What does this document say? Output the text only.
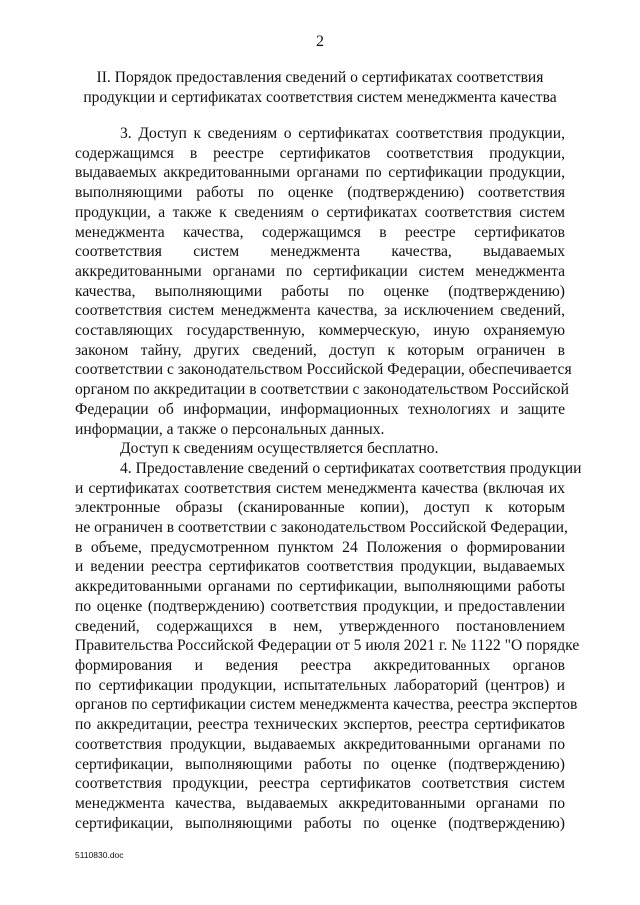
2
II. Порядок предоставления сведений о сертификатах соответствия
продукции и сертификатах соответствия систем менеджмента качества
3. Доступ к сведениям о сертификатах соответствия продукции,
содержащимся в реестре сертификатов соответствия продукции,
выдаваемых аккредитованными органами по сертификации продукции,
выполняющими работы по оценке (подтверждению) соответствия
продукции, а также к сведениям о сертификатах соответствия систем
менеджмента качества, содержащимся в реестре сертификатов
соответствия систем менеджмента качества, выдаваемых
аккредитованными органами по сертификации систем менеджмента
качества, выполняющими работы по оценке (подтверждению)
соответствия систем менеджмента качества, за исключением сведений,
составляющих государственную, коммерческую, иную охраняемую
законом тайну, других сведений, доступ к которым ограничен в
соответствии с законодательством Российской Федерации, обеспечивается
органом по аккредитации в соответствии с законодательством Российской
Федерации об информации, информационных технологиях и защите
информации, а также о персональных данных.
Доступ к сведениям осуществляется бесплатно.
4. Предоставление сведений о сертификатах соответствия продукции
и сертификатах соответствия систем менеджмента качества (включая их
электронные образы (сканированные копии), доступ к которым
не ограничен в соответствии с законодательством Российской Федерации,
в объеме, предусмотренном пунктом 24 Положения о формировании
и ведении реестра сертификатов соответствия продукции, выдаваемых
аккредитованными органами по сертификации, выполняющими работы
по оценке (подтверждению) соответствия продукции, и предоставлении
сведений, содержащихся в нем, утвержденного постановлением
Правительства Российской Федерации от 5 июля 2021 г. № 1122 "О порядке
формирования и ведения реестра аккредитованных органов
по сертификации продукции, испытательных лабораторий (центров) и
органов по сертификации систем менеджмента качества, реестра экспертов
по аккредитации, реестра технических экспертов, реестра сертификатов
соответствия продукции, выдаваемых аккредитованными органами по
сертификации, выполняющими работы по оценке (подтверждению)
соответствия продукции, реестра сертификатов соответствия систем
менеджмента качества, выдаваемых аккредитованными органами по
сертификации, выполняющими работы по оценке (подтверждению)
5110830.doc
